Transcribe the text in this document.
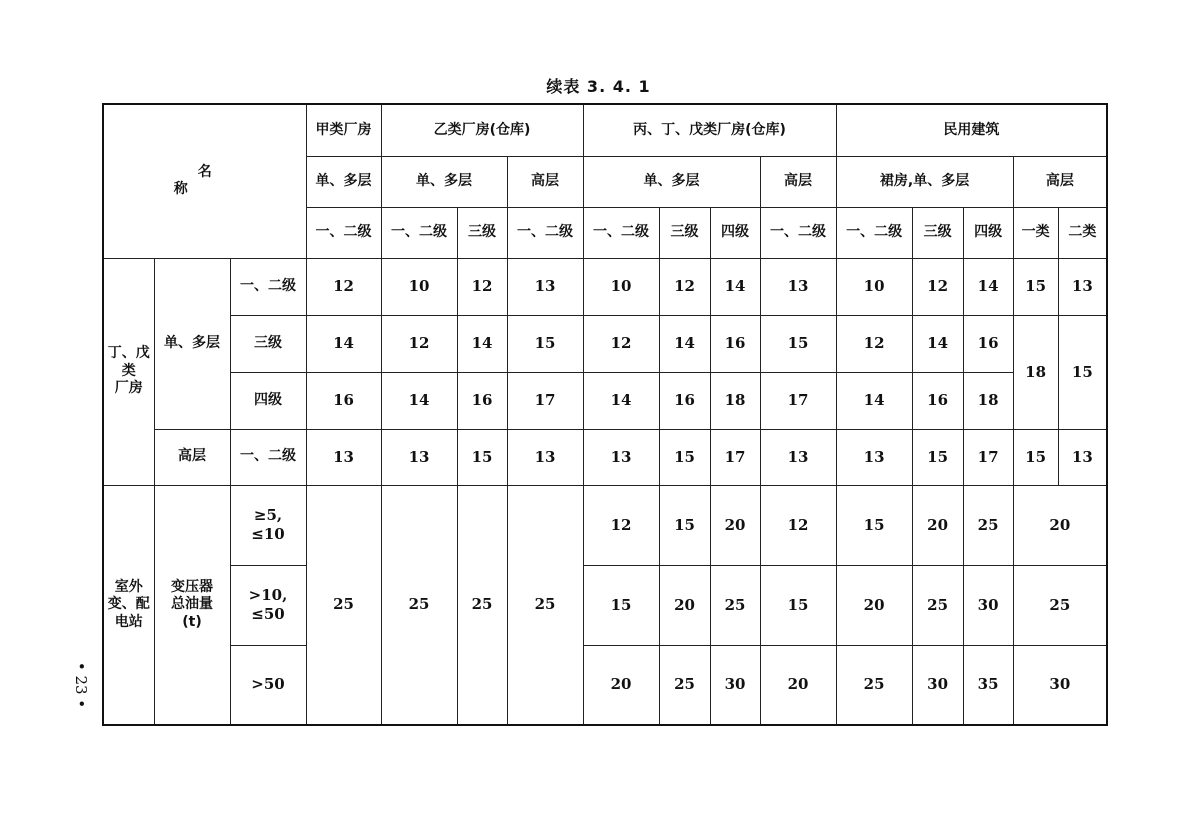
续表 3. 4. 1
名 称			甲类厂房	乙类厂房(仓库)			丙、丁、戊类厂房(仓库)				民用建筑				
			单、多层	单、多层		高层	单、多层			高层	裙房,单、多层			高层	
			一、二级	一、二级	三级	一、二级	一、二级	三级	四级	一、二级	一、二级	三级	四级	一类	二类
丁、戊
类
厂房	单、多层	一、二级	12	10	12	13	10	12	14	13	10	12	14	15	13
		三级	14	12	14	15	12	14	16	15	12	14	16	18	15
		四级	16	14	16	17	14	16	18	17	14	16	18		
	高层	一、二级	13	13	15	13	13	15	17	13	13	15	17	15	13
室外
变、配
电站	变压器
总油量
(t)	≥5,
≤10	25	25	25	25	12	15	20	12	15	20	25	20	
		>10,
≤50					15	20	25	15	20	25	30	25	
		>50					20	25	30	20	25	30	35	30	
• 23 •
